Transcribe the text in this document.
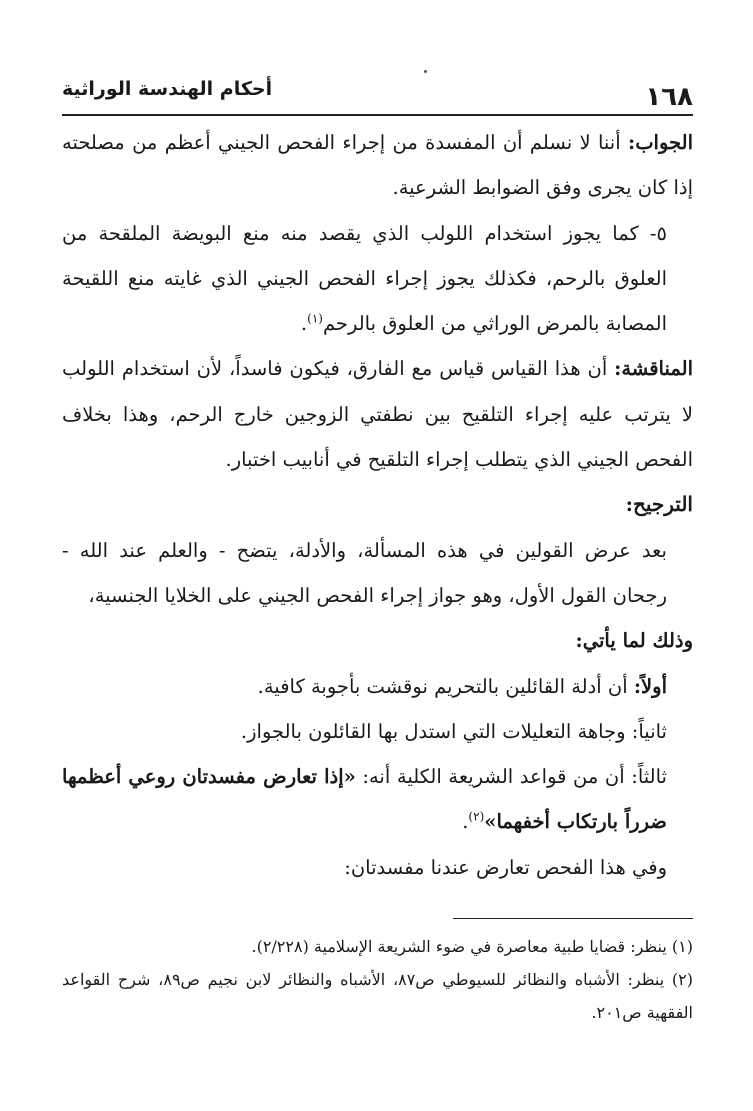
١٦٨
أحكام الهندسة الوراثية

الجواب: أننا لا نسلم أن المفسدة من إجراء الفحص الجيني أعظم من مصلحته إذا كان يجرى وفق الضوابط الشرعية.

٥- كما يجوز استخدام اللولب الذي يقصد منه منع البويضة الملقحة من العلوق بالرحم، فكذلك يجوز إجراء الفحص الجيني الذي غايته منع اللقيحة المصابة بالمرض الوراثي من العلوق بالرحم$^{(١)}$.

المناقشة: أن هذا القياس قياس مع الفارق، فيكون فاسداً، لأن استخدام اللولب لا يترتب عليه إجراء التلقيح بين نطفتي الزوجين خارج الرحم، وهذا بخلاف الفحص الجيني الذي يتطلب إجراء التلقيح في أنابيب اختبار.

الترجيح:

بعد عرض القولين في هذه المسألة، والأدلة، يتضح - والعلم عند الله - رجحان القول الأول، وهو جواز إجراء الفحص الجيني على الخلايا الجنسية،

وذلك لما يأتي:

أولاً: أن أدلة القائلين بالتحريم نوقشت بأجوبة كافية.

ثانياً: وجاهة التعليلات التي استدل بها القائلون بالجواز.

ثالثاً: أن من قواعد الشريعة الكلية أنه: «إذا تعارض مفسدتان روعي أعظمها ضرراً بارتكاب أخفهما»$^{(٢)}$.

وفي هذا الفحص تعارض عندنا مفسدتان:

(١) ينظر: قضايا طبية معاصرة في ضوء الشريعة الإسلامية (٢/٢٢٨).

(٢) ينظر: الأشباه والنظائر للسيوطي ص٨٧، الأشباه والنظائر لابن نجيم ص٨٩، شرح القواعد الفقهية ص٢٠١.
